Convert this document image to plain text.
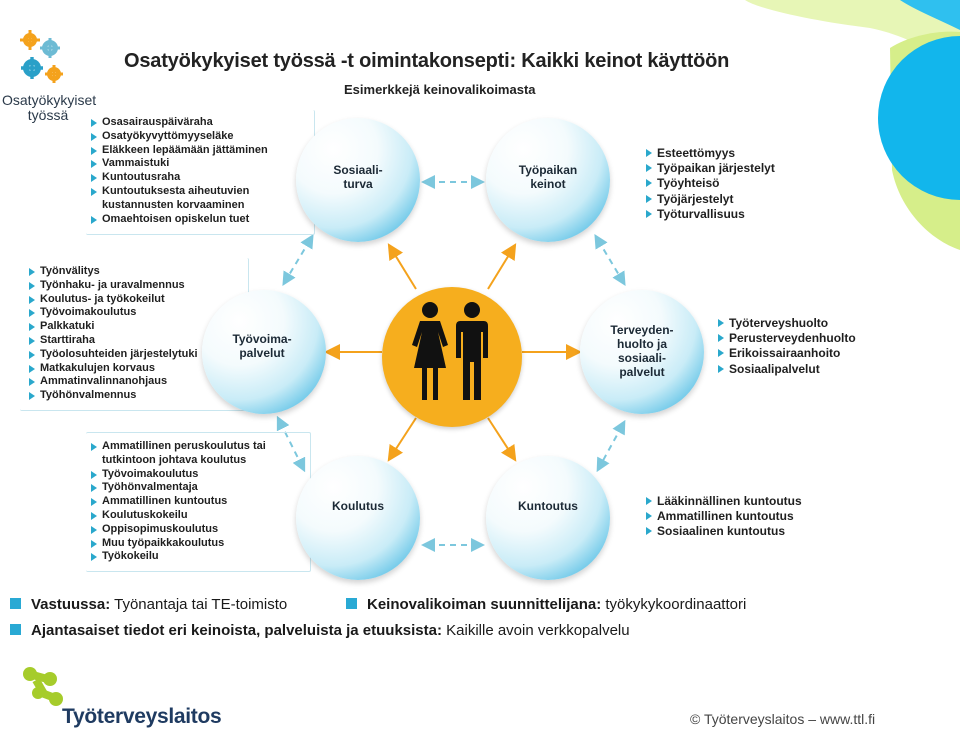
Osatyökykyiset
työssä
Osatyökykyiset työssä -t oimintakonsepti: Kaikki keinot käyttöön
Esimerkkejä keinovalikoimasta
Osasairauspäiväraha
Osatyökyvyttömyyseläke
Eläkkeen lepäämään jättäminen
Vammaistuki
Kuntoutusraha
Kuntoutuksesta aiheutuvien
kustannusten korvaaminen
Omaehtoisen opiskelun tuet
Esteettömyys
Työpaikan järjestelyt
Työyhteisö
Työjärjestelyt
Työturvallisuus
Työnvälitys
Työnhaku- ja uravalmennus
Koulutus- ja työkokeilut
Työvoimakoulutus
Palkkatuki
Starttiraha
Työolosuhteiden järjestelytuki
Matkakulujen korvaus
Ammatinvalinnanohjaus
Työhönvalmennus
Työterveyshuolto
Perusterveydenhuolto
Erikoissairaanhoito
Sosiaalipalvelut
Ammatillinen peruskoulutus tai
tutkintoon johtava koulutus
Työvoimakoulutus
Työhönvalmentaja
Ammatillinen kuntoutus
Koulutuskokeilu
Oppisopimuskoulutus
Muu työpaikkakoulutus
Työkokeilu
Lääkinnällinen kuntoutus
Ammatillinen kuntoutus
Sosiaalinen kuntoutus
Sosiaali-
turva
Työpaikan
keinot
Terveyden-
huolto ja
sosiaali-
palvelut
Kuntoutus
Koulutus
Työvoima-
palvelut
Vastuussa: Työnantaja tai TE-toimisto	Keinovalikoiman suunnittelijana: työkykykoordinaattori
Ajantasaiset tiedot eri keinoista, palveluista ja etuuksista: Kaikille avoin verkkopalvelu
Työterveyslaitos	© Työterveyslaitos – www.ttl.fi
